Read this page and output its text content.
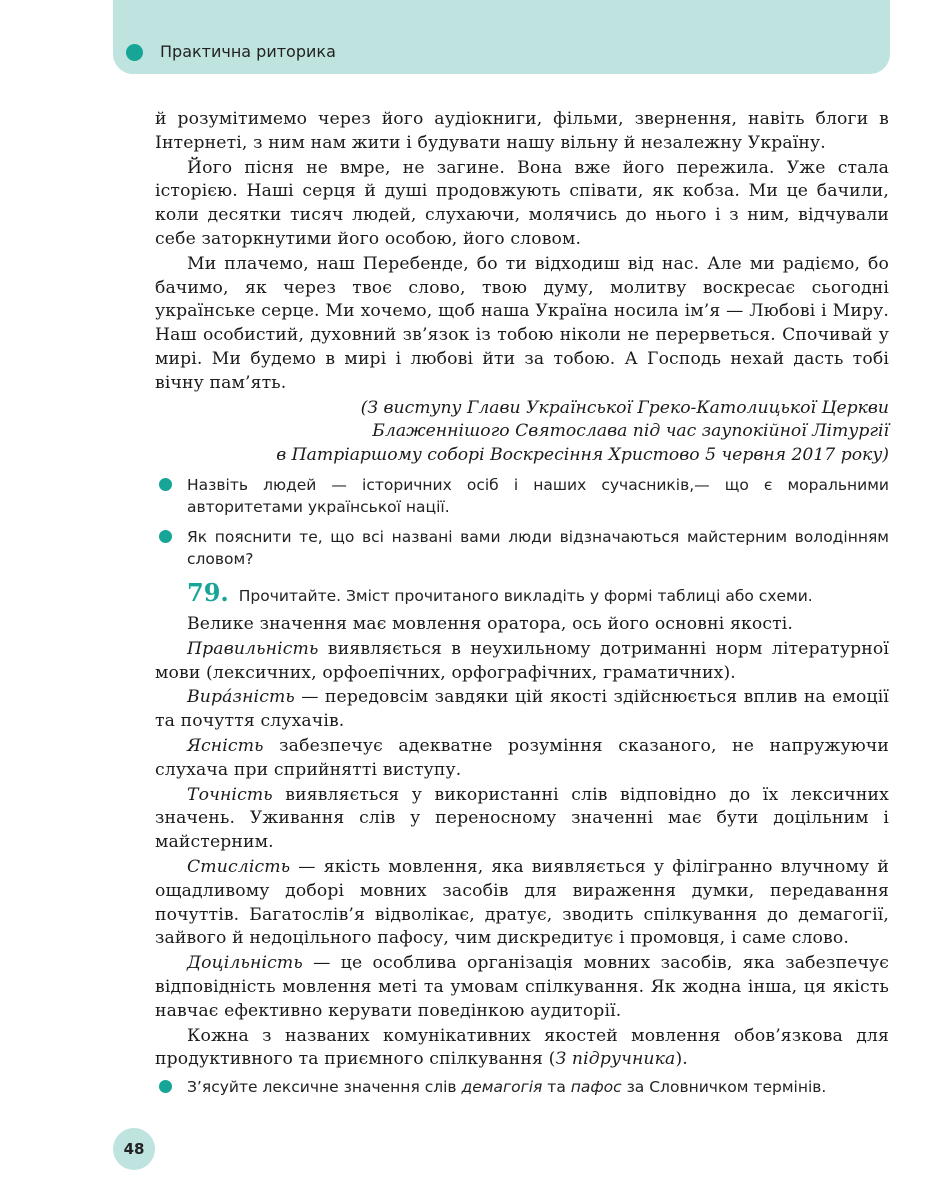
Практична риторика

й розумітимемо через його аудіокниги, фільми, звернення, навіть блоги в Інтернеті, з ним нам жити і будувати нашу вільну й незалежну Україну.

Його пісня не вмре, не загине. Вона вже його пережила. Уже стала історією. Наші серця й душі продовжують співати, як кобза. Ми це бачили, коли десятки тисяч людей, слухаючи, молячись до нього і з ним, відчували себе заторкнутими його особою, його словом.

Ми плачемо, наш Перебенде, бо ти відходиш від нас. Але ми радіємо, бо бачимо, як через твоє слово, твою думу, молитву воскресає сьогодні українське серце. Ми хочемо, щоб наша Україна носила ім’я — Любові і Миру. Наш особистий, духовний зв’язок із тобою ніколи не перерветься. Спочивай у мирі. Ми будемо в мирі і любові йти за тобою. А Господь нехай дасть тобі вічну пам’ять.

(З виступу Глави Української Греко-Католицької Церкви
Блаженнішого Святослава під час заупокійної Літургії
в Патріаршому соборі Воскресіння Христово 5 червня 2017 року)
Назвіть людей — історичних осіб і наших сучасників,— що є моральними авторитетами української нації.
Як пояснити те, що всі названі вами люди відзначаються майстерним володінням словом?
79. Прочитайте. Зміст прочитаного викладіть у формі таблиці або схеми.

Велике значення має мовлення оратора, ось його основні якості.

Правильність виявляється в неухильному дотриманні норм літературної мови (лексичних, орфоепічних, орфографічних, граматичних).

Вира́зність — передовсім завдяки цій якості здійснюється вплив на емоції та почуття слухачів.

Ясність забезпечує адекватне розуміння сказаного, не напружуючи слухача при сприйнятті виступу.

Точність виявляється у використанні слів відповідно до їх лексичних значень. Уживання слів у переносному значенні має бути доцільним і майстерним.

Стислість — якість мовлення, яка виявляється у філігранно влучному й ощадливому доборі мовних засобів для вираження думки, передавання почуттів. Багатослів’я відволікає, дратує, зводить спілкування до демагогії, зайвого й недоцільного пафосу, чим дискредитує і промовця, і саме слово.

Доцільність — це особлива організація мовних засобів, яка забезпечує відповідність мовлення меті та умовам спілкування. Як жодна інша, ця якість навчає ефективно керувати поведінкою аудиторії.

Кожна з названих комунікативних якостей мовлення обов’язкова для продуктивного та приємного спілкування (З підручника).

З’ясуйте лексичне значення слів демагогія та пафос за Словничком термінів.
48
